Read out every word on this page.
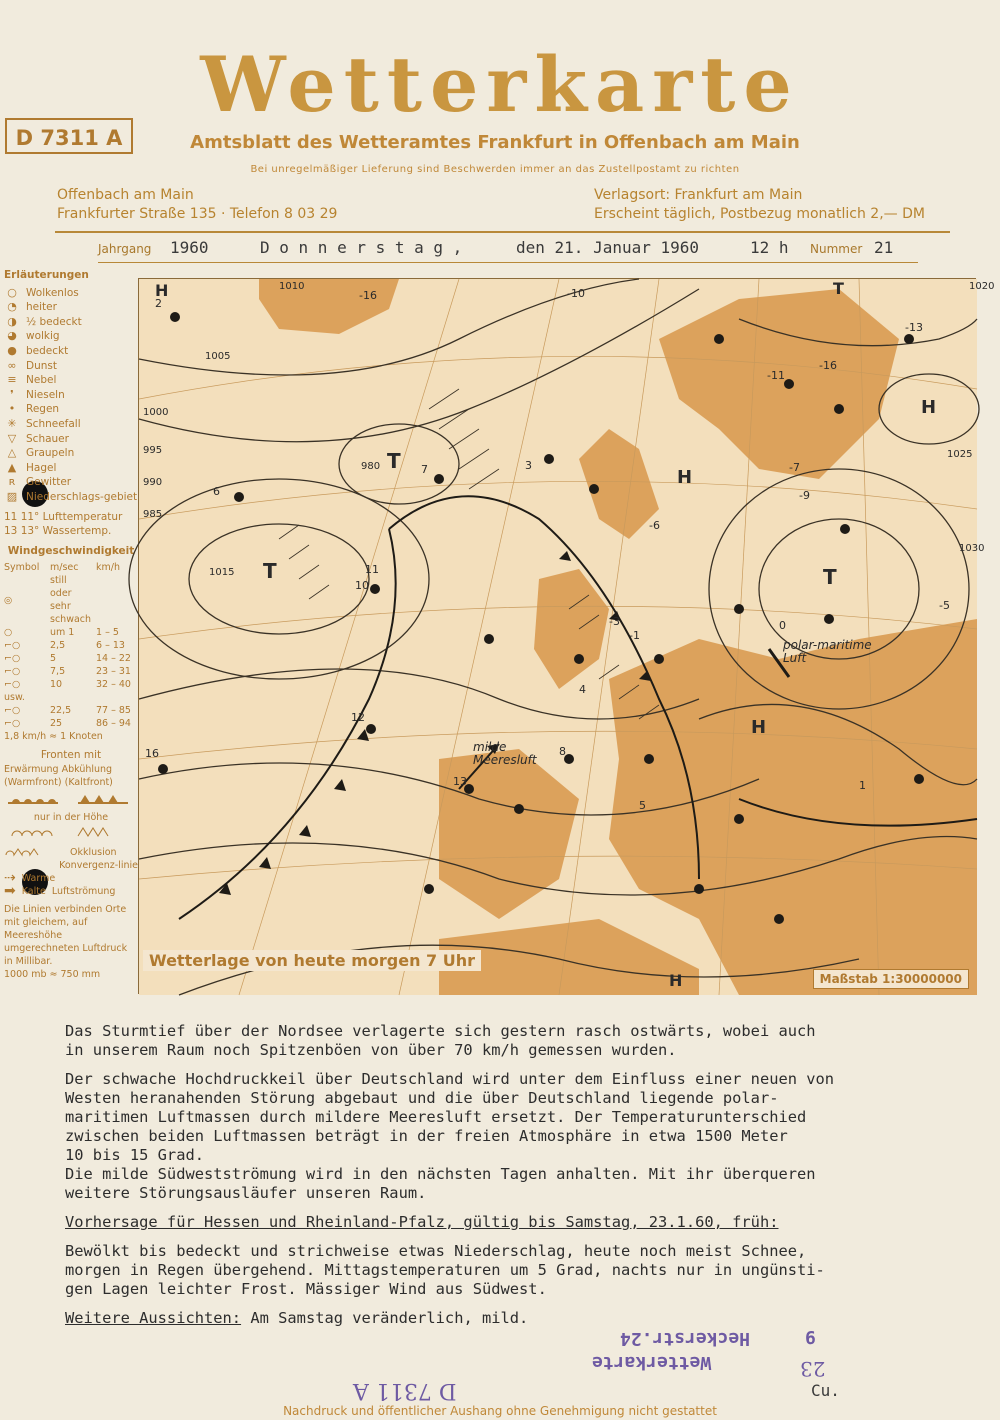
Wetterkarte
D 7311 A	Amtsblatt des Wetteramtes Frankfurt in Offenbach am Main
Bei unregelmäßiger Lieferung sind Beschwerden immer an das Zustellpostamt zu richten
Offenbach am Main
Frankfurter Straße 135 · Telefon 8 03 29
Verlagsort: Frankfurt am Main
Erscheint täglich, Postbezug monatlich 2,— DM
Jahrgang 1960	D o n n e r s t a g ,	den 21. Januar 1960	12 h Nummer 21
Erläuterungen
○ Wolkenlos
◔ heiter
◑ ½ bedeckt
◕ wolkig
● bedeckt
∞ Dunst
≡ Nebel
❜	Nieseln
•	Regen
✳ Schneefall
▽ Schauer
△ Graupeln
▲ Hagel
ʀ	Gewitter
▨ Niederschlags-gebiet
11 11° Lufttemperatur
13 13° Wassertemp.
Windgeschwindigkeit
Symbol	m/sec	km/h
◎
still oder sehr schwach
○	um 1	1 – 5
⌐○	2,5	6 – 13
⌐○	5	14 – 22
⌐○	7,5	23 – 31
⌐○	10	32 – 40
usw.
⌐○	22,5	77 – 85
⌐○	25	86 – 94
1,8 km/h ≈ 1 Knoten
Fronten mit
Erwärmung Abkühlung
(Warmfront) (Kaltfront)
nur in der Höhe
Okklusion
Konvergenz-linie
⇢ Warme
➡ Kalte Luftströmung
Die Linien verbinden Orte mit gleichem, auf Meereshöhe umgerechneten Luftdruck in Millibar.
1000 mb ≈ 750 mm
H
H
H
H
H
T
T
T
T
1010
1005
1000
995
990
985
980
1015
1020
1025
1030
2
-16
-6
-10
-11
-13
-16
-9
11
10
12
16
13
7
6
5
4
3
8
-1
-3
-5
-7
0
1
milde Meeresluft
polar-maritime Luft
Wetterlage von heute morgen 7 Uhr
Maßstab 1:30000000

Das Sturmtief über der Nordsee verlagerte sich gestern rasch ostwärts, wobei auch
in unserem Raum noch Spitzenböen von über 70 km/h gemessen wurden.

Der schwache Hochdruckkeil über Deutschland wird unter dem Einfluss einer neuen von
Westen heranahenden Störung abgebaut und die über Deutschland liegende polar-
maritimen Luftmassen durch mildere Meeresluft ersetzt. Der Temperaturunterschied
zwischen beiden Luftmassen beträgt in der freien Atmosphäre in etwa 1500 Meter
10 bis 15 Grad.
Die milde Südwestströmung wird in den nächsten Tagen anhalten. Mit ihr überqueren
weitere Störungsausläufer unseren Raum.

Vorhersage für Hessen und Rheinland-Pfalz, gültig bis Samstag, 23.1.60, früh:

Bewölkt bis bedeckt und strichweise etwas Niederschlag, heute noch meist Schnee,
morgen in Regen übergehend. Mittagstemperaturen um 5 Grad, nachts nur in ungünsti-
gen Lagen leichter Frost. Mässiger Wind aus Südwest.

Weitere Aussichten: Am Samstag veränderlich, mild.
Wetterkarte
Heckerstr.24	6
23
Cu.
D 7311 A
Nachdruck und öffentlicher Aushang ohne Genehmigung nicht gestattet
